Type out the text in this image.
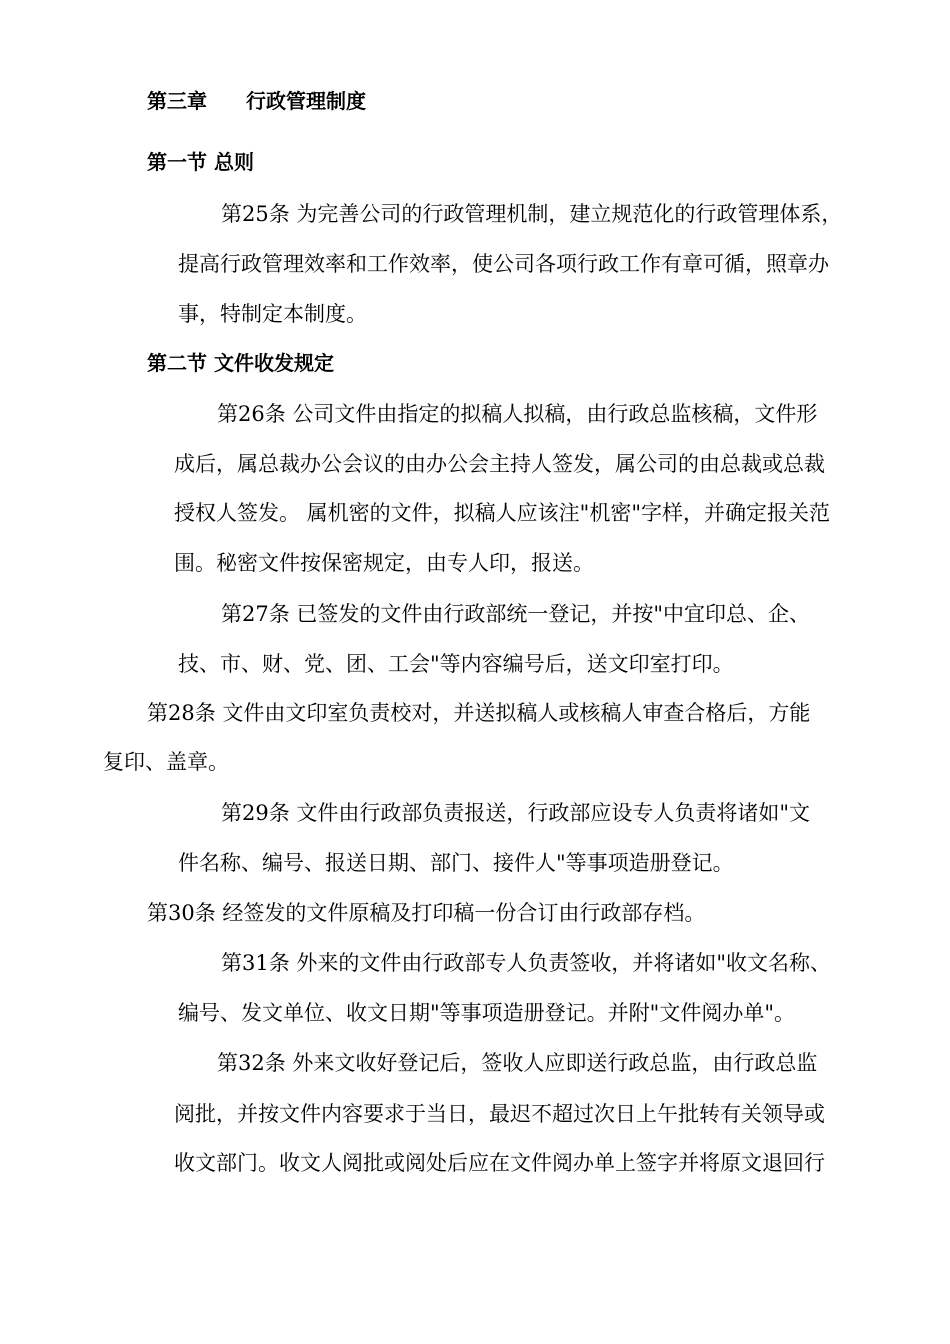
第三章 行政管理制度
第一节 总则
第25条 为完善公司的行政管理机制，建立规范化的行政管理体系，
提高行政管理效率和工作效率，使公司各项行政工作有章可循，照章办
事，特制定本制度。
第二节 文件收发规定
第26条 公司文件由指定的拟稿人拟稿，由行政总监核稿，文件形
成后，属总裁办公会议的由办公会主持人签发，属公司的由总裁或总裁
授权人签发。 属机密的文件，拟稿人应该注"机密"字样，并确定报关范
围。秘密文件按保密规定，由专人印，报送。
第27条 已签发的文件由行政部统一登记，并按"中宜印总、企、
技、市、财、党、团、工会"等内容编号后，送文印室打印。
第28条 文件由文印室负责校对，并送拟稿人或核稿人审查合格后，方能
复印、盖章。
第29条 文件由行政部负责报送，行政部应设专人负责将诸如"文
件名称、编号、报送日期、部门、接件人"等事项造册登记。
第30条 经签发的文件原稿及打印稿一份合订由行政部存档。
第31条 外来的文件由行政部专人负责签收，并将诸如"收文名称、
编号、发文单位、收文日期"等事项造册登记。并附"文件阅办单"。
第32条 外来文收好登记后，签收人应即送行政总监，由行政总监
阅批，并按文件内容要求于当日，最迟不超过次日上午批转有关领导或
收文部门。收文人阅批或阅处后应在文件阅办单上签字并将原文退回行
